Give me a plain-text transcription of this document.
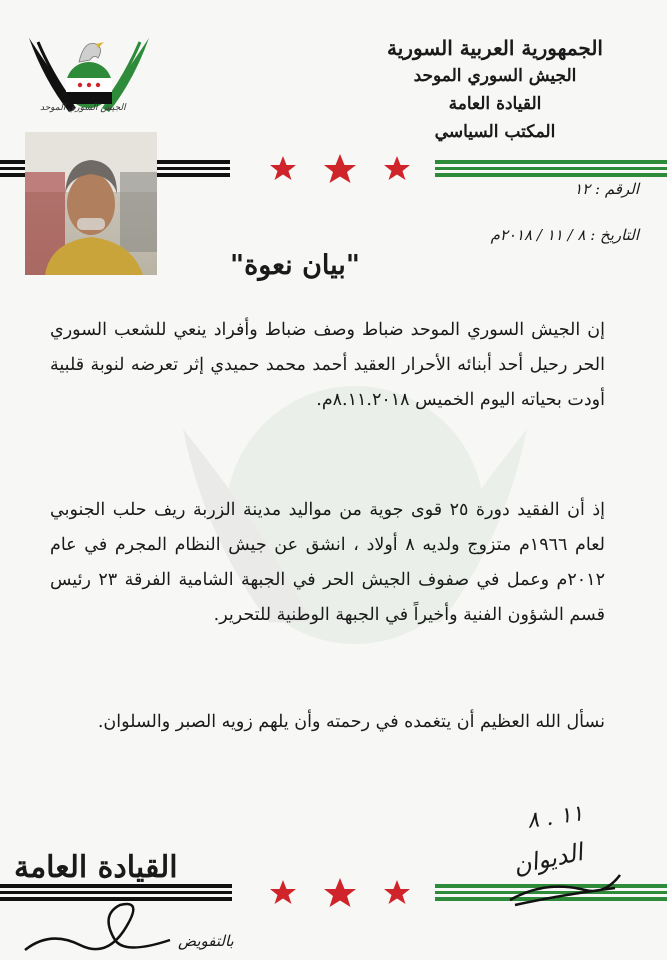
الجيش السوري الموحد
الجمهورية العربية السورية
الجيش السوري الموحد
القيادة العامة
المكتب السياسي
الرقم : ١٢
التاريخ : ٨ / ١١ / ٢٠١٨م
"بيان نعوة"
إن الجيش السوري الموحد ضباط وصف ضباط وأفراد ينعي للشعب السوري الحر رحيل أحد أبنائه الأحرار العقيد أحمد محمد حميدي إثر تعرضه لنوبة قلبية أودت بحياته اليوم الخميس ٨.١١.٢٠١٨م.
إذ أن الفقيد دورة ٢٥ قوى جوية من مواليد مدينة الزربة ريف حلب الجنوبي لعام ١٩٦٦م متزوج ولديه ٨ أولاد ، انشق عن جيش النظام المجرم في عام ٢٠١٢م وعمل في صفوف الجيش الحر في الجبهة الشامية الفرقة ٢٣ رئيس قسم الشؤون الفنية وأخيراً في الجبهة الوطنية للتحرير.
نسأل الله العظيم أن يتغمده في رحمته وأن يلهم زويه الصبر والسلوان.
١١ . ٨
الديوان
القيادة العامة
بالتفويض
